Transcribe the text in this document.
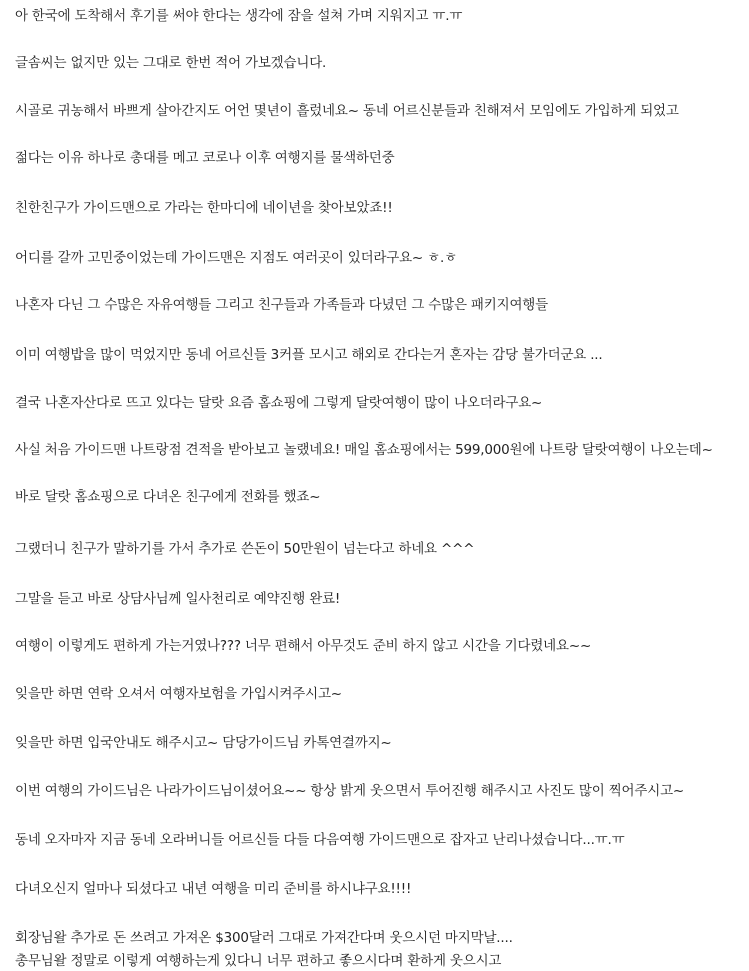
아 한국에 도착해서 후기를 써야 한다는 생각에 잠을 설쳐 가며 지워지고 ㅠ.ㅠ
글솜씨는 없지만 있는 그대로 한번 적어 가보겠습니다.
시골로 귀농해서 바쁘게 살아간지도 어언 몇년이 흘렀네요~ 동네 어르신분들과 친해져서 모임에도 가입하게 되었고
젊다는 이유 하나로 총대를 메고 코로나 이후 여행지를 물색하던중
친한친구가 가이드맨으로 가라는 한마디에 네이년을 찾아보았죠!!
어디를 갈까 고민중이었는데 가이드맨은 지점도 여러곳이 있더라구요~ ㅎ.ㅎ
나혼자 다닌 그 수많은 자유여행들 그리고 친구들과 가족들과 다녔던 그 수많은 패키지여행들
이미 여행밥을 많이 먹었지만 동네 어르신들 3커플 모시고 해외로 간다는거 혼자는 감당 불가더군요 ...
결국 나혼자산다로 뜨고 있다는 달랏 요즘 홈쇼핑에 그렇게 달랏여행이 많이 나오더라구요~
사실 처음 가이드맨 나트랑점 견적을 받아보고 놀랬네요! 매일 홈쇼핑에서는 599,000원에 나트랑 달랏여행이 나오는데~
바로 달랏 홈쇼핑으로 다녀온 친구에게 전화를 했죠~
그랬더니 친구가 말하기를 가서 추가로 쓴돈이 50만원이 넘는다고 하네요 ^^^
그말을 듣고 바로 상담사님께 일사천리로 예약진행 완료!
여행이 이렇게도 편하게 가는거였나??? 너무 편해서 아무것도 준비 하지 않고 시간을 기다렸네요~~
잊을만 하면 연락 오셔서 여행자보험을 가입시켜주시고~
잊을만 하면 입국안내도 해주시고~ 담당가이드님 카톡연결까지~
이번 여행의 가이드님은 나라가이드님이셨어요~~ 항상 밝게 웃으면서 투어진행 해주시고 사진도 많이 찍어주시고~
동네 오자마자 지금 동네 오라버니들 어르신들 다들 다음여행 가이드맨으로 잡자고 난리나셨습니다...ㅠ.ㅠ
다녀오신지 얼마나 되셨다고 내년 여행을 미리 준비를 하시냐구요!!!!
회장님왈 추가로 돈 쓰려고 가져온 $300달러 그대로 가져간다며 웃으시던 마지막날....
총무님왈 정말로 이렇게 여행하는게 있다니 너무 편하고 좋으시다며 환하게 웃으시고
